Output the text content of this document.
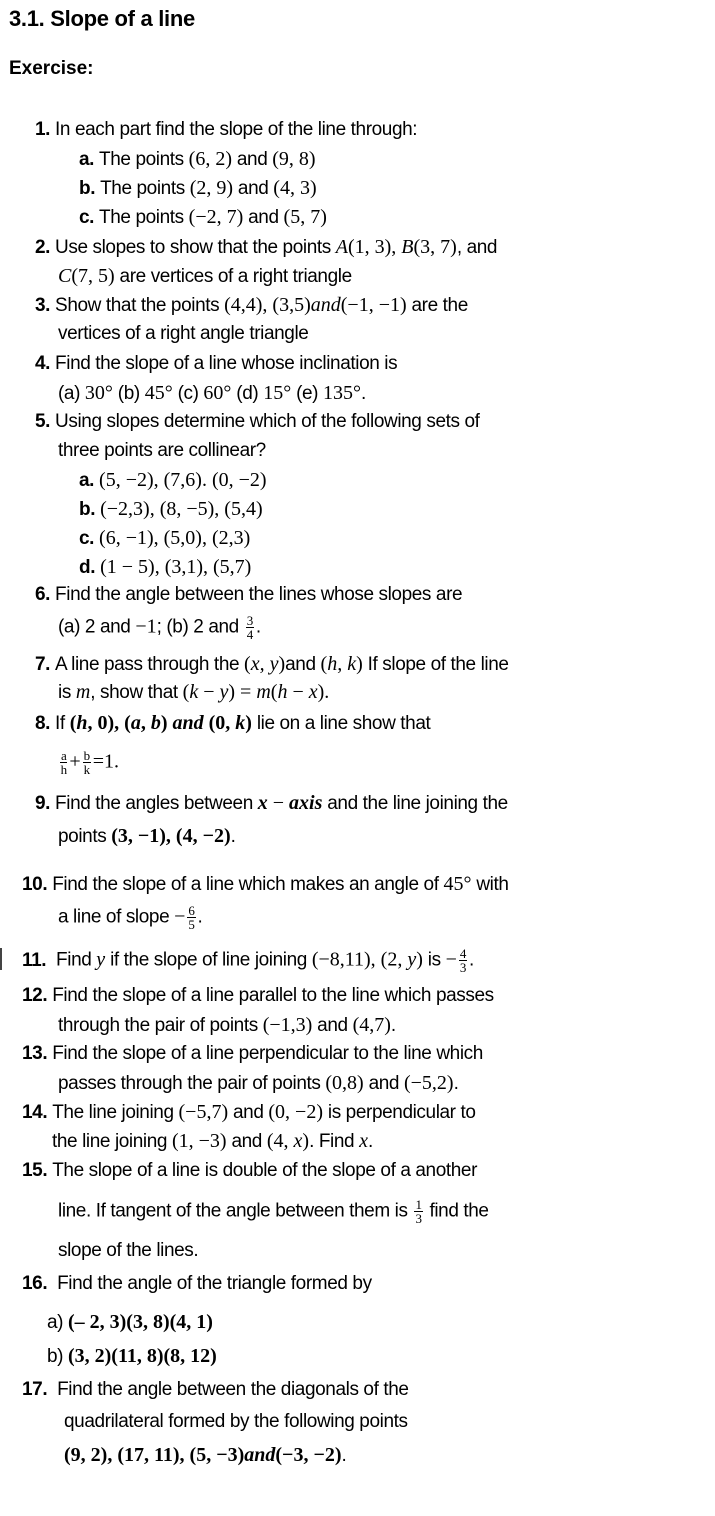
3.1. Slope of a line
Exercise:
1. In each part find the slope of the line through:
a. The points (6, 2) and (9, 8)
b. The points (2, 9) and (4, 3)
c. The points (−2, 7) and (5, 7)
2. Use slopes to show that the points A(1, 3), B(3, 7), and
C(7, 5) are vertices of a right triangle
3. Show that the points (4,4), (3,5)and(−1, −1) are the
vertices of a right angle triangle
4. Find the slope of a line whose inclination is
(a) 30° (b) 45° (c) 60° (d) 15° (e) 135°.
5. Using slopes determine which of the following sets of
three points are collinear?
a. (5, −2), (7,6). (0, −2)
b. (−2,3), (8, −5), (5,4)
c. (6, −1), (5,0), (2,3)
d. (1 − 5), (3,1), (5,7)
6. Find the angle between the lines whose slopes are
(a) 2 and −1; (b) 2 and $\frac{3}{4}$ .
7. A line pass through the (x, y)and (h, k) If slope of the line
is m, show that (k − y) = m(h − x).
8. If (h, 0), (a, b) and (0, k) lie on a line show that
$\frac{a}{h} + \frac{b}{k} =1$.
9. Find the angles between x − axis and the line joining the
points (3, −1), (4, −2).
10. Find the slope of a line which makes an angle of 45° with
a line of slope − $\frac{6}{5}$ .
11. Find y if the slope of line joining (−8,11), (2, y) is − $\frac{4}{3}$ .
12. Find the slope of a line parallel to the line which passes
through the pair of points (−1,3) and (4,7).
13. Find the slope of a line perpendicular to the line which
passes through the pair of points (0,8) and (−5,2).
14. The line joining (−5,7) and (0, −2) is perpendicular to
the line joining (1, −3) and (4, x). Find x.
15. The slope of a line is double of the slope of a another
line. If tangent of the angle between them is $\frac{1}{3}$ find the
slope of the lines.
16. Find the angle of the triangle formed by
a) (– 2, 3)(3, 8)(4, 1)
b) (3, 2)(11, 8)(8, 12)
17. Find the angle between the diagonals of the
quadrilateral formed by the following points
(9, 2), (17, 11), (5, −3)and(−3, −2).
